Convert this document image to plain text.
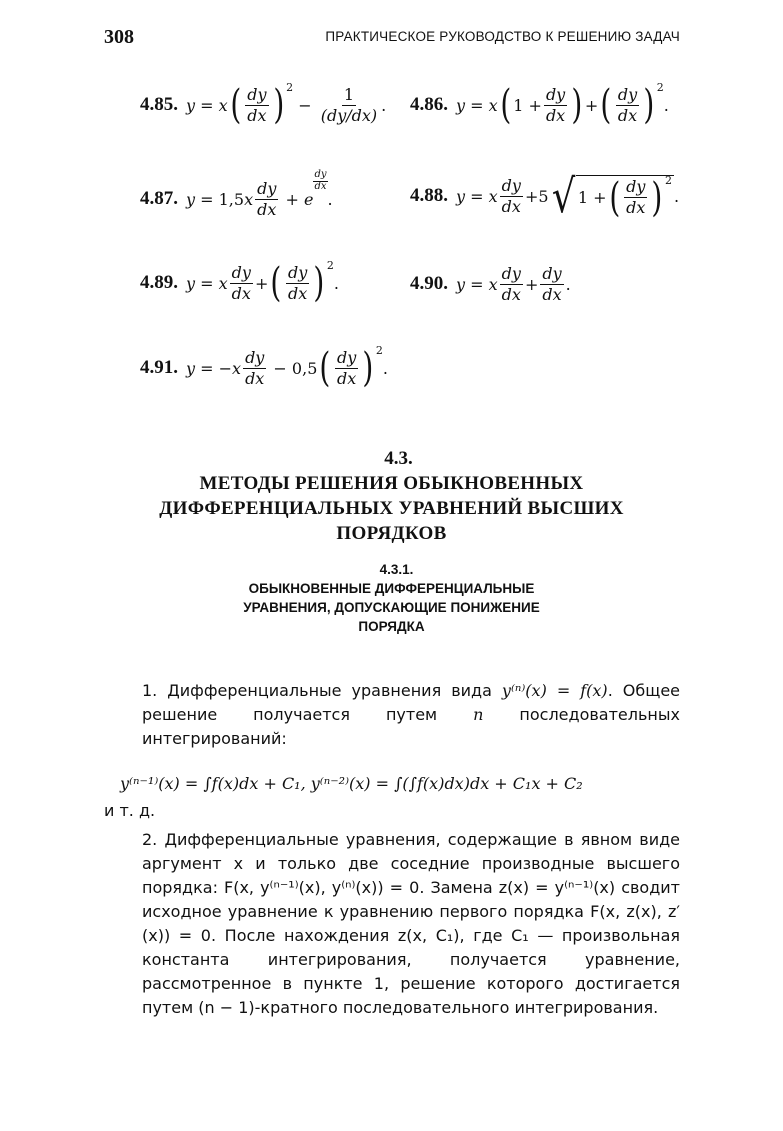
308	ПРАКТИЧЕСКОЕ РУКОВОДСТВО К РЕШЕНИЮ ЗАДАЧ
4.85. y = x ( $\frac{dy}{dx}$ ) 2
− $\frac{1}{(dy/dx)}$ . 4.86. y = x ( $1 + \frac{dy}{dx}$ ) + ( $\frac{dy}{dx}$ ) 2
.
4.87. y = 1,5 x $\frac{dy}{dx} + e$
$\frac{dy}{dx}$
.	4.88. y = x $\frac{dy}{dx} +5$ √ 1 + ( $\frac{dy}{dx}$ ) 2
.
4.89. y = x $\frac{dy}{dx}$ + ( $\frac{dy}{dx}$ ) 2
.	4.90. y = x $\frac{dy}{dx} + \frac{dy}{dx}$ .
4.91. y = − x $\frac{dy}{dx} - 0,5$ ( $\frac{dy}{dx}$ ) 2
.
4.3.
МЕТОДЫ РЕШЕНИЯ ОБЫКНОВЕННЫХ ДИФФЕРЕНЦИАЛЬНЫХ УРАВНЕНИЙ ВЫСШИХ ПОРЯДКОВ
4.3.1.
ОБЫКНОВЕННЫЕ ДИФФЕРЕНЦИАЛЬНЫЕ УРАВНЕНИЯ, ДОПУСКАЮЩИЕ ПОНИЖЕНИЕ ПОРЯДКА
1. Дифференциальные уравнения вида y⁽ⁿ⁾(x) = f(x). Общее решение получается путем n последовательных интегрирований:
y⁽ⁿ⁻¹⁾(x) = ∫f(x)dx + C₁, y⁽ⁿ⁻²⁾(x) = ∫(∫f(x)dx)dx + C₁x + C₂
и т. д.
2. Дифференциальные уравнения, содержащие в явном виде аргумент x и только две соседние производные высшего порядка: F(x, y⁽ⁿ⁻¹⁾(x), y⁽ⁿ⁾(x)) = 0. Замена z(x) = y⁽ⁿ⁻¹⁾(x) сводит исходное уравнение к уравнению первого порядка F(x, z(x), z′(x)) = 0. После нахождения z(x, C₁), где C₁ — произвольная константа интегрирования, получается уравнение, рассмотренное в пункте 1, решение которого достигается путем (n − 1)-кратного последовательного интегрирования.
